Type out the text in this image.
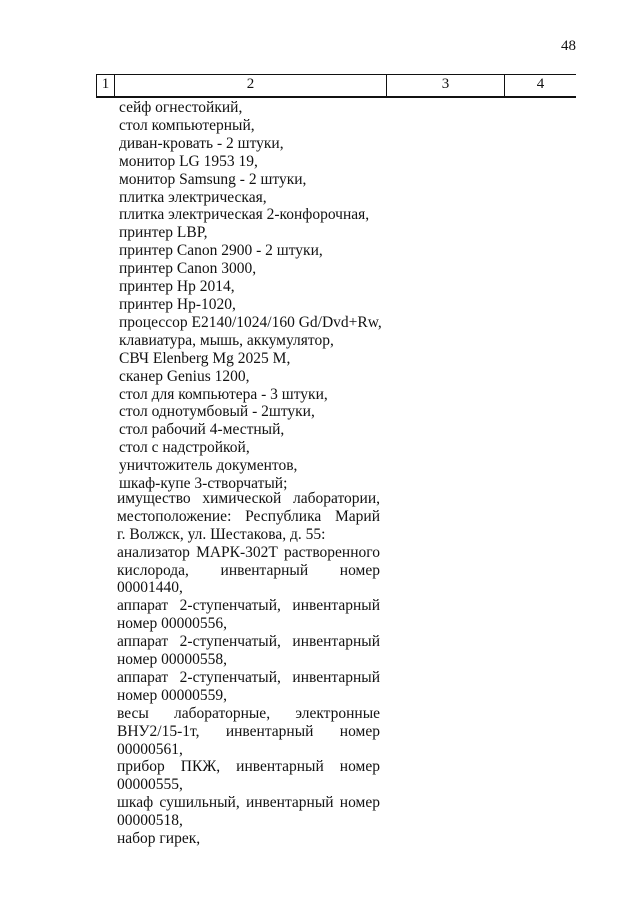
48
1	2	3	4
сейф огнестойкий,
стол компьютерный,
диван-кровать - 2 штуки,
монитор LG 1953 19,
монитор Samsung - 2 штуки,
плитка электрическая,
плитка электрическая 2-конфорочная,
принтер LBP,
принтер Canon 2900 - 2 штуки,
принтер Canon 3000,
принтер Hp 2014,
принтер Hp-1020,
процессор E2140/1024/160 Gd/Dvd+Rw,
клавиатура, мышь, аккумулятор,
СВЧ Elenberg Mg 2025 M,
сканер Genius 1200,
стол для компьютера - 3 штуки,
стол однотумбовый - 2штуки,
стол рабочий 4-местный,
стол с надстройкой,
уничтожитель документов,
шкаф-купе 3-створчатый;
имущество химической лаборатории,
местоположение: Республика Марий
г. Волжск, ул. Шестакова, д. 55:
анализатор МАРК-302Т растворенного
кислорода, инвентарный номер
00001440,
аппарат 2-ступенчатый, инвентарный
номер 00000556,
аппарат 2-ступенчатый, инвентарный
номер 00000558,
аппарат 2-ступенчатый, инвентарный
номер 00000559,
весы лабораторные, электронные
ВНУ2/15-1т, инвентарный номер
00000561,
прибор ПКЖ, инвентарный номер
00000555,
шкаф сушильный, инвентарный номер
00000518,
набор гирек,
